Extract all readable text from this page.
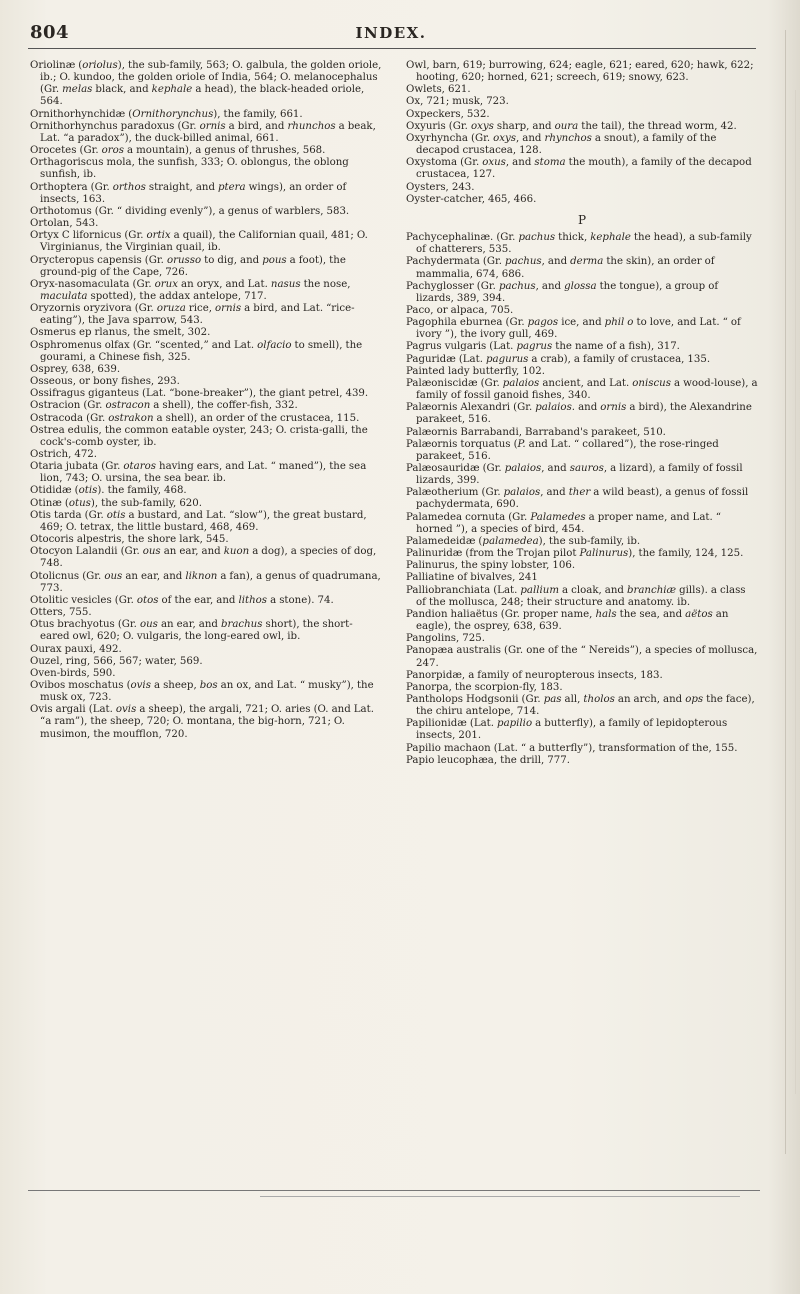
804	INDEX.

Oriolinæ (oriolus), the sub-family, 563; O. galbula, the golden oriole, ib.; O. kundoo, the golden oriole of India, 564; O. melanocephalus (Gr. melas black, and kephale a head), the black-headed oriole, 564.

Ornithorhynchidæ (Ornithorynchus), the family, 661.

Ornithorhynchus paradoxus (Gr. ornis a bird, and rhunchos a beak, Lat. “a paradox”), the duck-billed animal, 661.

Orocetes (Gr. oros a mountain), a genus of thrushes, 568.

Orthagoriscus mola, the sunfish, 333; O. oblongus, the oblong sunfish, ib.

Orthoptera (Gr. orthos straight, and ptera wings), an order of insects, 163.

Orthotomus (Gr. “ dividing evenly”), a genus of warblers, 583.

Ortolan, 543.

Ortyx C lifornicus (Gr. ortix a quail), the Californian quail, 481; O. Virginianus, the Virginian quail, ib.

Orycteropus capensis (Gr. orusso to dig, and pous a foot), the ground-pig of the Cape, 726.

Oryx-nasomaculata (Gr. orux an oryx, and Lat. nasus the nose, maculata spotted), the addax antelope, 717.

Oryzornis oryzivora (Gr. oruza rice, ornis a bird, and Lat. “rice-eating”), the Java sparrow, 543.

Osmerus ep rlanus, the smelt, 302.

Osphromenus olfax (Gr. “scented,” and Lat. olfacio to smell), the gourami, a Chinese fish, 325.

Osprey, 638, 639.

Osseous, or bony fishes, 293.

Ossifragus giganteus (Lat. “bone-breaker”), the giant petrel, 439.

Ostracion (Gr. ostracon a shell), the coffer-fish, 332.

Ostracoda (Gr. ostrakon a shell), an order of the crustacea, 115.

Ostrea edulis, the common eatable oyster, 243; O. crista-galli, the cock's-comb oyster, ib.

Ostrich, 472.

Otaria jubata (Gr. otaros having ears, and Lat. “ maned”), the sea lion, 743; O. ursina, the sea bear. ib.

Otididæ (otis). the family, 468.

Otinæ (otus), the sub-family, 620.

Otis tarda (Gr. otis a bustard, and Lat. “slow”), the great bustard, 469; O. tetrax, the little bustard, 468, 469.

Otocoris alpestris, the shore lark, 545.

Otocyon Lalandii (Gr. ous an ear, and kuon a dog), a species of dog, 748.

Otolicnus (Gr. ous an ear, and liknon a fan), a genus of quadrumana, 773.

Otolitic vesicles (Gr. otos of the ear, and lithos a stone). 74.

Otters, 755.

Otus brachyotus (Gr. ous an ear, and brachus short), the short-eared owl, 620; O. vulgaris, the long-eared owl, ib.

Ourax pauxi, 492.

Ouzel, ring, 566, 567; water, 569.

Oven-birds, 590.

Ovibos moschatus (ovis a sheep, bos an ox, and Lat. “ musky”), the musk ox, 723.

Ovis argali (Lat. ovis a sheep), the argali, 721; O. aries (O. and Lat. “a ram”), the sheep, 720; O. montana, the big-horn, 721; O. musimon, the moufflon, 720.

Owl, barn, 619; burrowing, 624; eagle, 621; eared, 620; hawk, 622; hooting, 620; horned, 621; screech, 619; snowy, 623.

Owlets, 621.

Ox, 721; musk, 723.

Oxpeckers, 532.

Oxyuris (Gr. oxys sharp, and oura the tail), the thread worm, 42.

Oxyrhyncha (Gr. oxys, and rhynchos a snout), a family of the decapod crustacea, 128.

Oxystoma (Gr. oxus, and stoma the mouth), a family of the decapod crustacea, 127.

Oysters, 243.

Oyster-catcher, 465, 466.

P

Pachycephalinæ. (Gr. pachus thick, kephale the head), a sub-family of chatterers, 535.

Pachydermata (Gr. pachus, and derma the skin), an order of mammalia, 674, 686.

Pachyglosser (Gr. pachus, and glossa the tongue), a group of lizards, 389, 394.

Paco, or alpaca, 705.

Pagophila eburnea (Gr. pagos ice, and phil o to love, and Lat. “ of ivory ”), the ivory gull, 469.

Pagrus vulgaris (Lat. pagrus the name of a fish), 317.

Paguridæ (Lat. pagurus a crab), a family of crustacea, 135.

Painted lady butterfly, 102.

Palæoniscidæ (Gr. palaios ancient, and Lat. oniscus a wood-louse), a family of fossil ganoid fishes, 340.

Palæornis Alexandri (Gr. palaios. and ornis a bird), the Alexandrine parakeet, 516.

Palæornis Barrabandi, Barraband's parakeet, 510.

Palæornis torquatus (P. and Lat. “ collared”), the rose-ringed parakeet, 516.

Palæosauridæ (Gr. palaios, and sauros, a lizard), a family of fossil lizards, 399.

Palæotherium (Gr. palaios, and ther a wild beast), a genus of fossil pachydermata, 690.

Palamedea cornuta (Gr. Palamedes a proper name, and Lat. “ horned ”), a species of bird, 454.

Palamedeidæ (palamedea), the sub-family, ib.

Palinuridæ (from the Trojan pilot Palinurus), the family, 124, 125.

Palinurus, the spiny lobster, 106.

Palliatine of bivalves, 241

Palliobranchiata (Lat. pallium a cloak, and branchiæ gills). a class of the mollusca, 248; their structure and anatomy. ib.

Pandion haliaëtus (Gr. proper name, hals the sea, and aëtos an eagle), the osprey, 638, 639.

Pangolins, 725.

Panopæa australis (Gr. one of the “ Nereids”), a species of mollusca, 247.

Panorpidæ, a family of neuropterous insects, 183.

Panorpa, the scorpion-fly, 183.

Pantholops Hodgsonii (Gr. pas all, tholos an arch, and ops the face), the chiru antelope, 714.

Papilionidæ (Lat. papilio a butterfly), a family of lepidopterous insects, 201.

Papilio machaon (Lat. “ a butterfly”), transformation of the, 155.

Papio leucophæa, the drill, 777.
